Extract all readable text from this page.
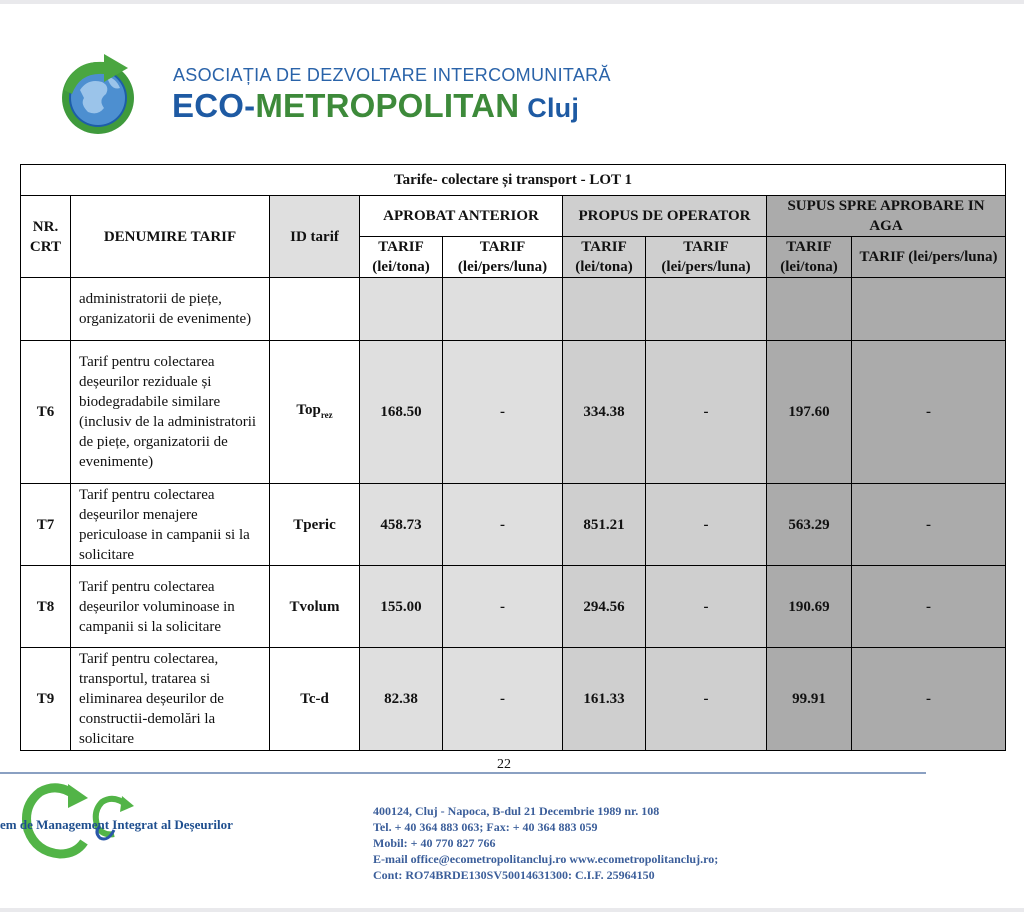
ASOCIAȚIA DE DEZVOLTARE INTERCOMUNITARĂ
ECO-METROPOLITAN Cluj
Tarife- colectare și transport - LOT 1								
NR. CRT	DENUMIRE TARIF	ID tarif	APROBAT ANTERIOR		PROPUS DE OPERATOR		SUPUS SPRE APROBARE IN AGA	
			TARIF (lei/tona)	TARIF (lei/pers/luna)	TARIF (lei/tona)	TARIF (lei/pers/luna)	TARIF (lei/tona)	TARIF (lei/pers/luna)
	administratorii de piețe, organizatorii de evenimente)							
T6	Tarif pentru colectarea deșeurilor reziduale și biodegradabile similare (inclusiv de la administratorii de piețe, organizatorii de evenimente)	Top$_{rez}$	168.50	-	334.38	-	197.60	-
T7	Tarif pentru colectarea deșeurilor menajere periculoase in campanii si la solicitare	Tperic	458.73	-	851.21	-	563.29	-
T8	Tarif pentru colectarea deșeurilor voluminoase in campanii si la solicitare	Tvolum	155.00	-	294.56	-	190.69	-
T9	Tarif pentru colectarea, transportul, tratarea si eliminarea deșeurilor de constructii-demolări la solicitare	Tc-d	82.38	-	161.33	-	99.91	-
22
em de Management Integrat al Deșeurilor
400124, Cluj - Napoca, B-dul 21 Decembrie 1989 nr. 108
Tel. + 40 364 883 063; Fax: + 40 364 883 059
Mobil: + 40 770 827 766
E-mail office@ecometropolitancluj.ro www.ecometropolitancluj.ro;
Cont: RO74BRDE130SV50014631300: C.I.F. 25964150
